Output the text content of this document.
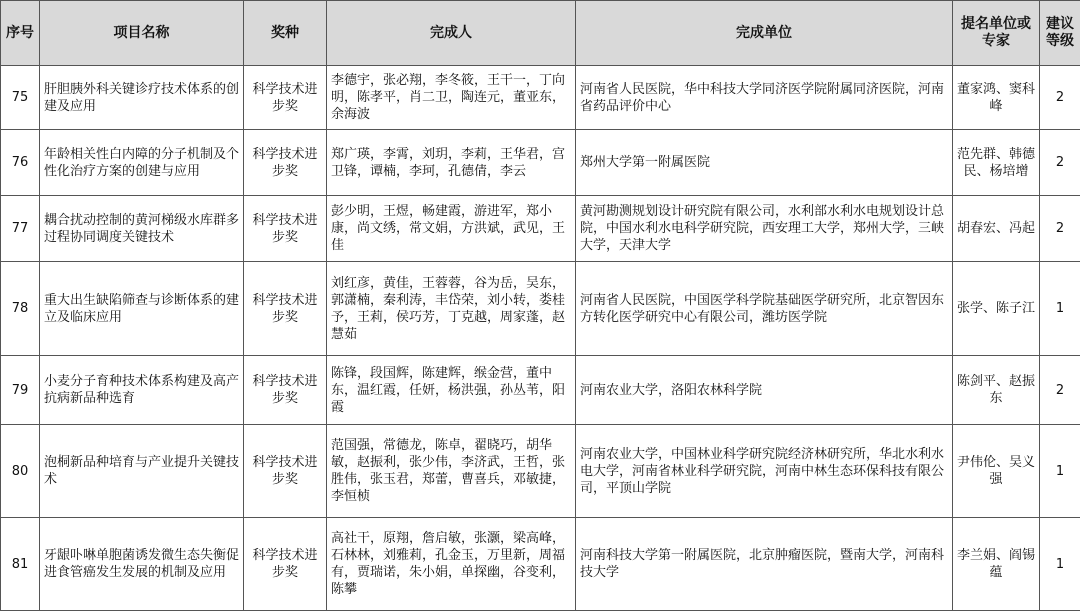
序号	项目名称	奖种	完成人	完成单位	提名单位或专家	建议等级
75	肝胆胰外科关键诊疗技术体系的创建及应用	科学技术进步奖	李德宇，张必翔，李冬筱，王干一，丁向明，陈孝平，肖二卫，陶连元，董亚东，余海波	河南省人民医院，华中科技大学同济医学院附属同济医院，河南省药品评价中心	董家鸿、窦科峰	2
76	年龄相关性白内障的分子机制及个性化治疗方案的创建与应用	科学技术进步奖	郑广瑛，李霄，刘玥，李莉，王华君，宫卫锋，谭楠，李珂，孔德倩，李云	郑州大学第一附属医院	范先群、韩德民、杨培增	2
77	耦合扰动控制的黄河梯级水库群多过程协同调度关键技术	科学技术进步奖	彭少明，王煜，畅建霞，游进军，郑小康，尚文绣，常文娟，方洪斌，武见，王佳	黄河勘测规划设计研究院有限公司，水利部水利水电规划设计总院，中国水利水电科学研究院，西安理工大学，郑州大学，三峡大学，天津大学	胡春宏、冯起	2
78	重大出生缺陷筛查与诊断体系的建立及临床应用	科学技术进步奖	刘红彦，黄佳，王蓉蓉，谷为岳，吴东，郭潇楠，秦利涛，丰岱荣，刘小转，娄桂予，王莉，侯巧芳，丁克越，周家蓬，赵慧茹	河南省人民医院，中国医学科学院基础医学研究所，北京智因东方转化医学研究中心有限公司，潍坊医学院	张学、陈子江	1
79	小麦分子育种技术体系构建及高产抗病新品种选育	科学技术进步奖	陈锋，段国辉，陈建辉，缑金营，董中东，温红霞，任妍，杨洪强，孙丛苇，阳霞	河南农业大学，洛阳农林科学院	陈剑平、赵振东	2
80	泡桐新品种培育与产业提升关键技术	科学技术进步奖	范国强，常德龙，陈卓，翟晓巧，胡华敏，赵振利，张少伟，李济武，王哲，张胜伟，张玉君，郑蕾，曹喜兵，邓敏捷，李恒桢	河南农业大学，中国林业科学研究院经济林研究所，华北水利水电大学，河南省林业科学研究院，河南中林生态环保科技有限公司，平顶山学院	尹伟伦、吴义强	1
81	牙龈卟啉单胞菌诱发微生态失衡促进食管癌发生发展的机制及应用	科学技术进步奖	高社干，原翔，詹启敏，张灏，梁高峰，石林林，刘雅莉，孔金玉，万里新，周福有，贾瑞诺，朱小娟，单探幽，谷变利，陈攀	河南科技大学第一附属医院，北京肿瘤医院，暨南大学，河南科技大学	李兰娟、阎锡蕴	1
